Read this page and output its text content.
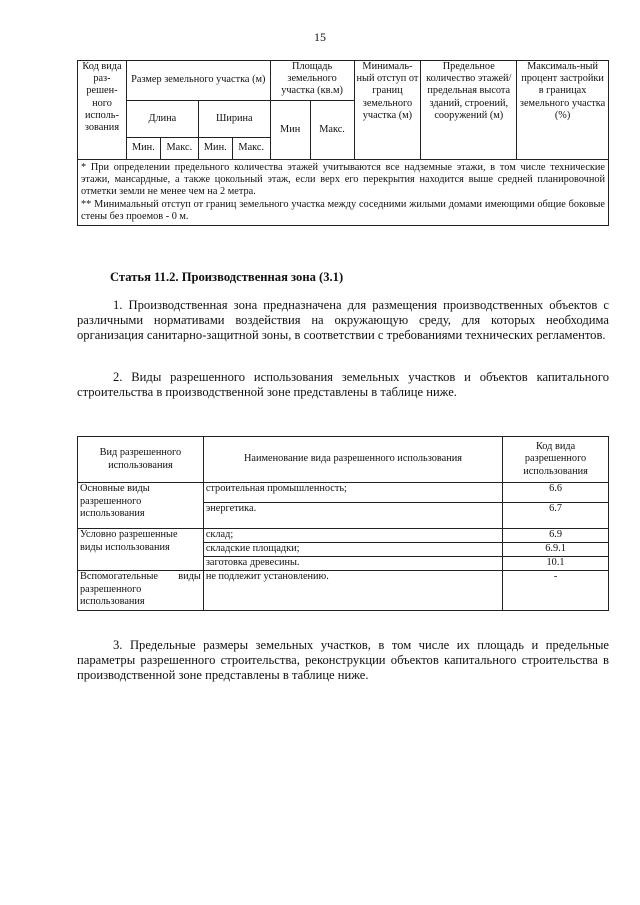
15
Код вида раз-решен-ного исполь-зования	Размер земельного участка (м)				Площадь земельного участка (кв.м)		Минималь-ный отступ от границ земельного участка (м)	Предельное количество этажей/ предельная высота зданий, строений, сооружений (м)	Максималь-ный процент застройки в границах земельного участка (%)
	Длина		Ширина		Мин	Макс.			
	Мин.	Макс.	Мин.	Макс.					

* При определении предельного количества этажей учитываются все надземные этажи, в том числе технические этажи, мансардные, а также цокольный этаж, если верх его перекрытия находится выше средней планировочной отметки земли не менее чем на 2 метра.

** Минимальный отступ от границ земельного участка между соседними жилыми домами имеющими общие боковые стены без проемов - 0 м.									

Статья 11.2. Производственная зона (3.1)

1. Производственная зона предназначена для размещения производственных объектов с различными нормативами воздействия на окружающую среду, для которых необходима организация санитарно-защитной зоны, в соответствии с требованиями технических регламентов.

2. Виды разрешенного использования земельных участков и объектов капитального строительства в производственной зоне представлены в таблице ниже.

Вид разрешенного использования	Наименование вида разрешенного использования	Код вида разрешенного использования
Основные виды разрешенного использования	строительная промышленность;	6.6
	энергетика.	6.7
Условно разрешенные виды использования	склад;	6.9
	складские площадки;	6.9.1
	заготовка древесины.	10.1
Вспомогательные виды разрешенного использования	не подлежит установлению.	-

3. Предельные размеры земельных участков, в том числе их площадь и предельные параметры разрешенного строительства, реконструкции объектов капитального строительства в производственной зоне представлены в таблице ниже.
